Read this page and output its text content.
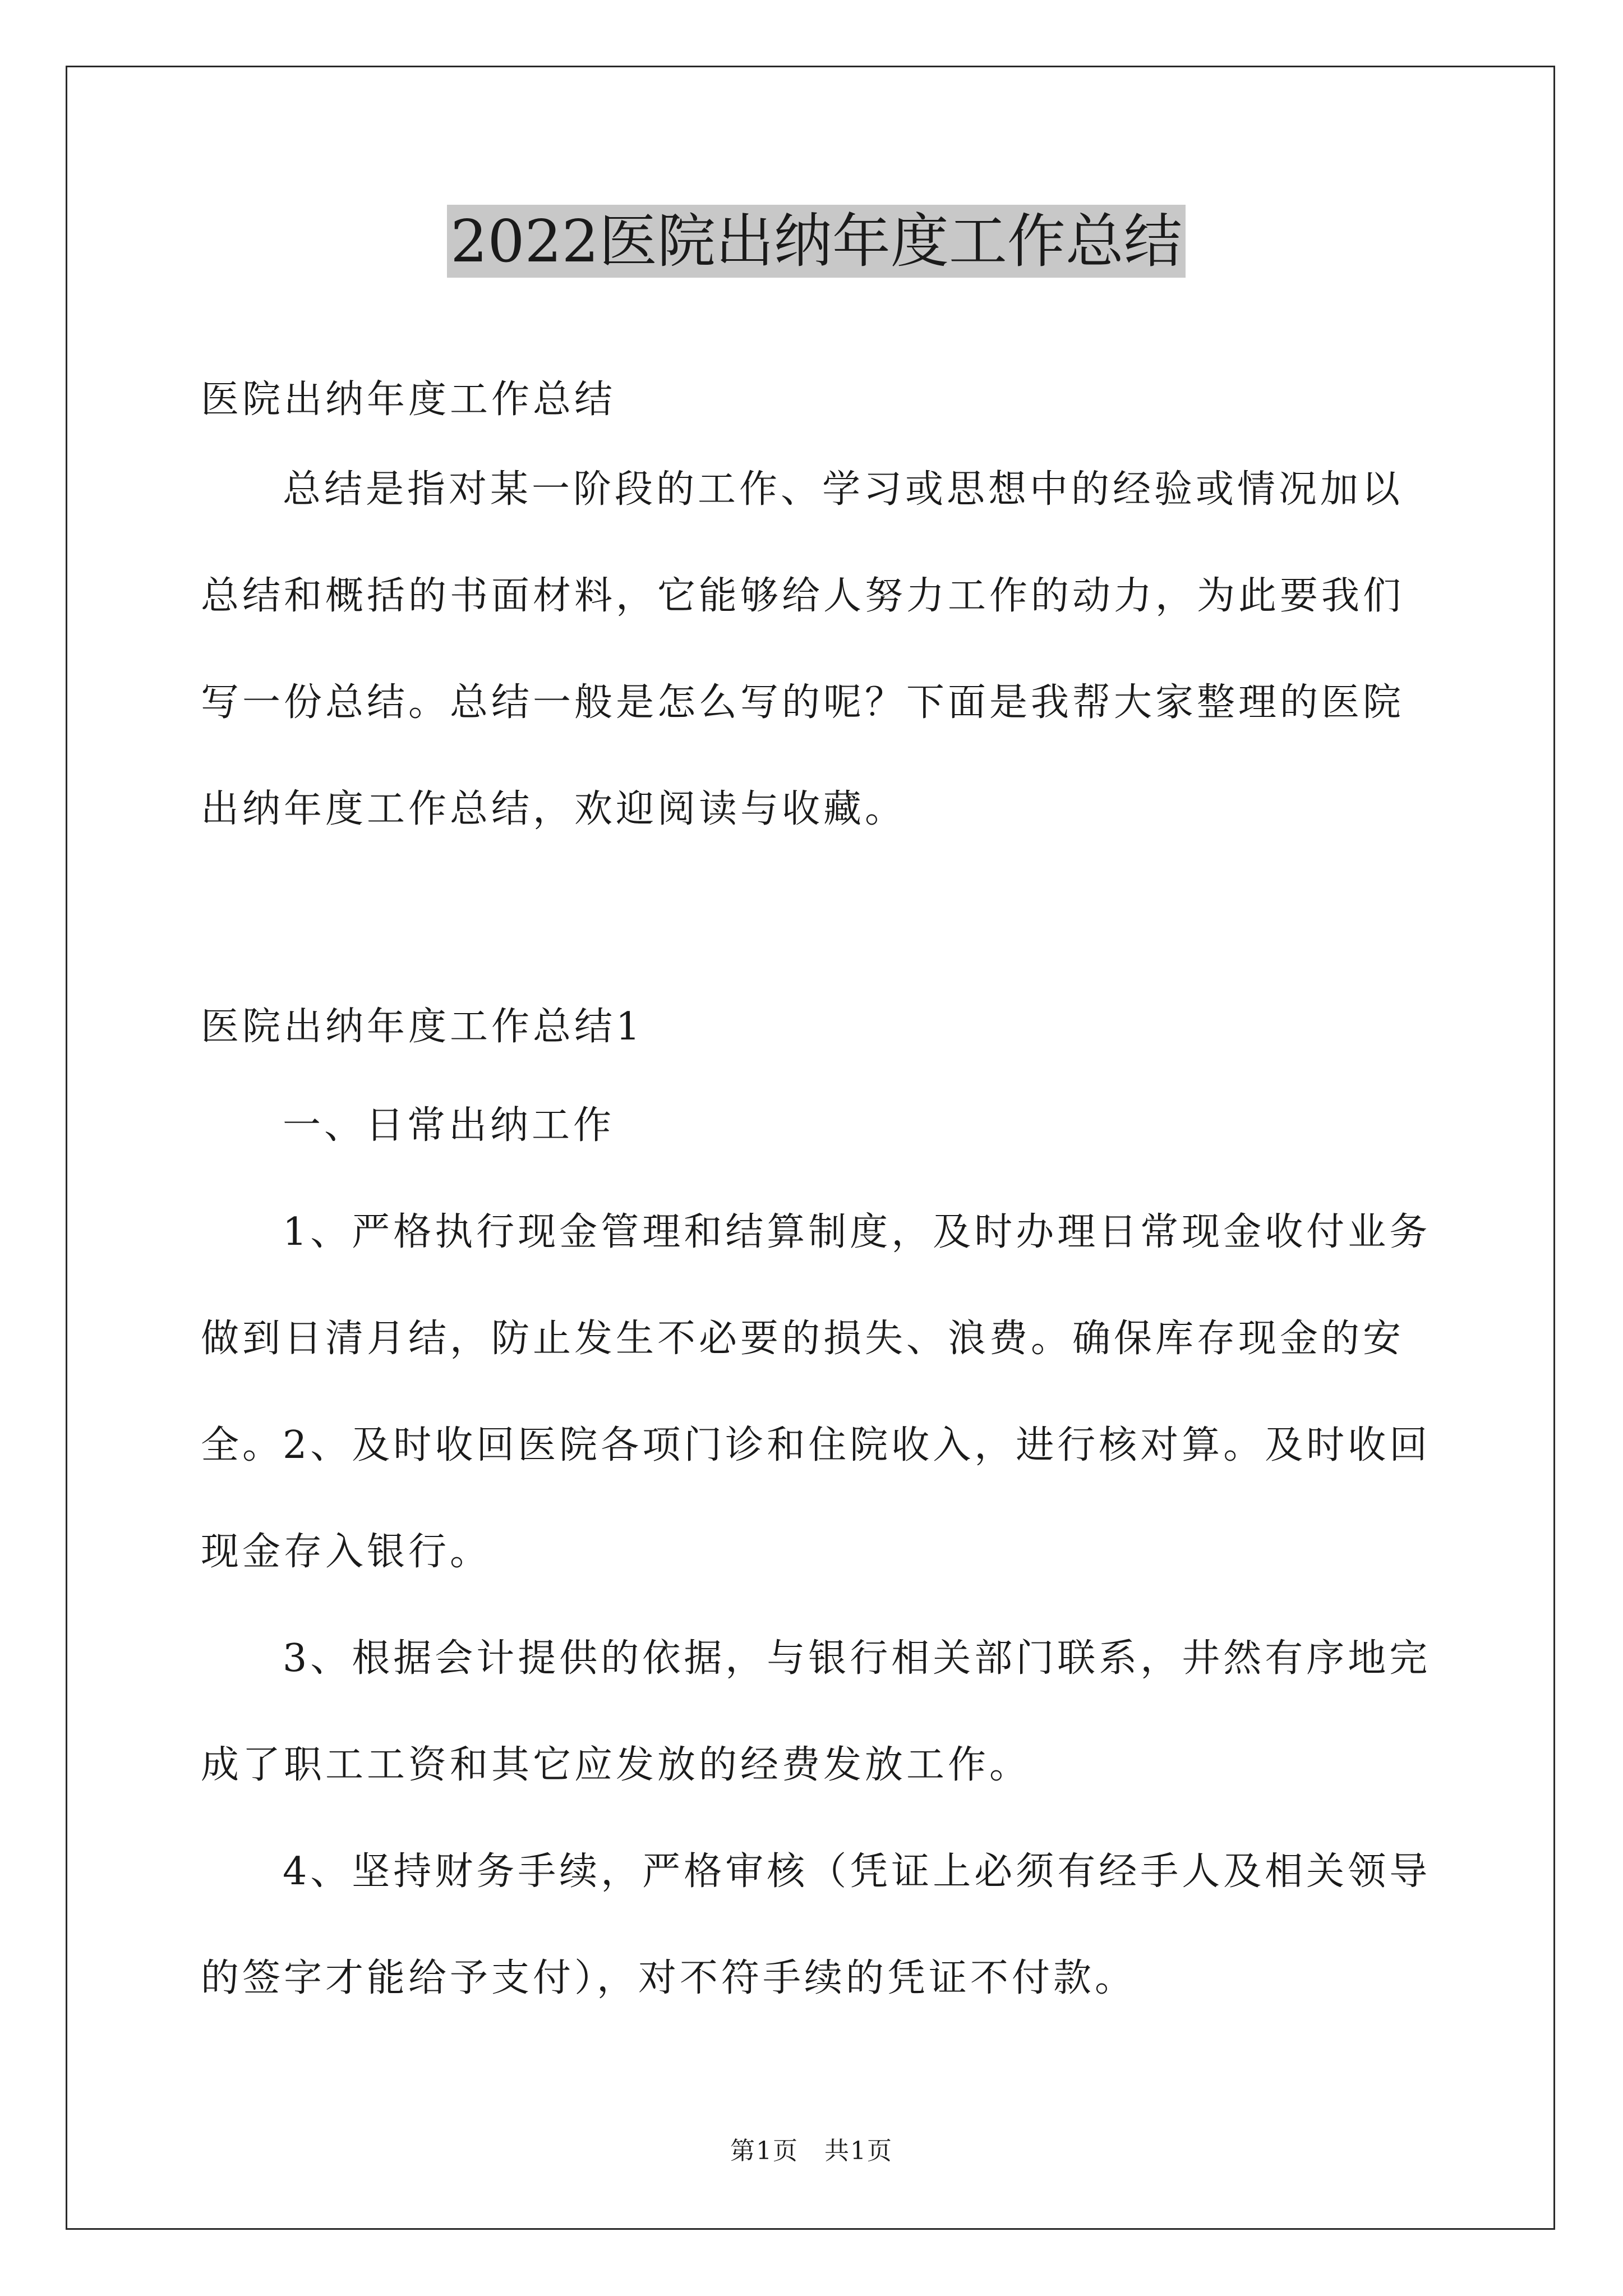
2022医院出纳年度工作总结

医院出纳年度工作总结

总结是指对某一阶段的工作、学习或思想中的经验或情况加以总结和概括的书面材料，它能够给人努力工作的动力，为此要我们写一份总结。总结一般是怎么写的呢？下面是我帮大家整理的医院出纳年度工作总结，欢迎阅读与收藏。

医院出纳年度工作总结1

一、日常出纳工作

1、严格执行现金管理和结算制度，及时办理日常现金收付业务做到日清月结，防止发生不必要的损失、浪费。确保库存现金的安全。

2、及时收回医院各项门诊和住院收入，进行核对算。及时收回现金存入银行。

3、根据会计提供的依据，与银行相关部门联系，井然有序地完成了职工工资和其它应发放的经费发放工作。

4、坚持财务手续，严格审核（凭证上必须有经手人及相关领导的签字才能给予支付），对不符手续的凭证不付款。

第1页　共1页
